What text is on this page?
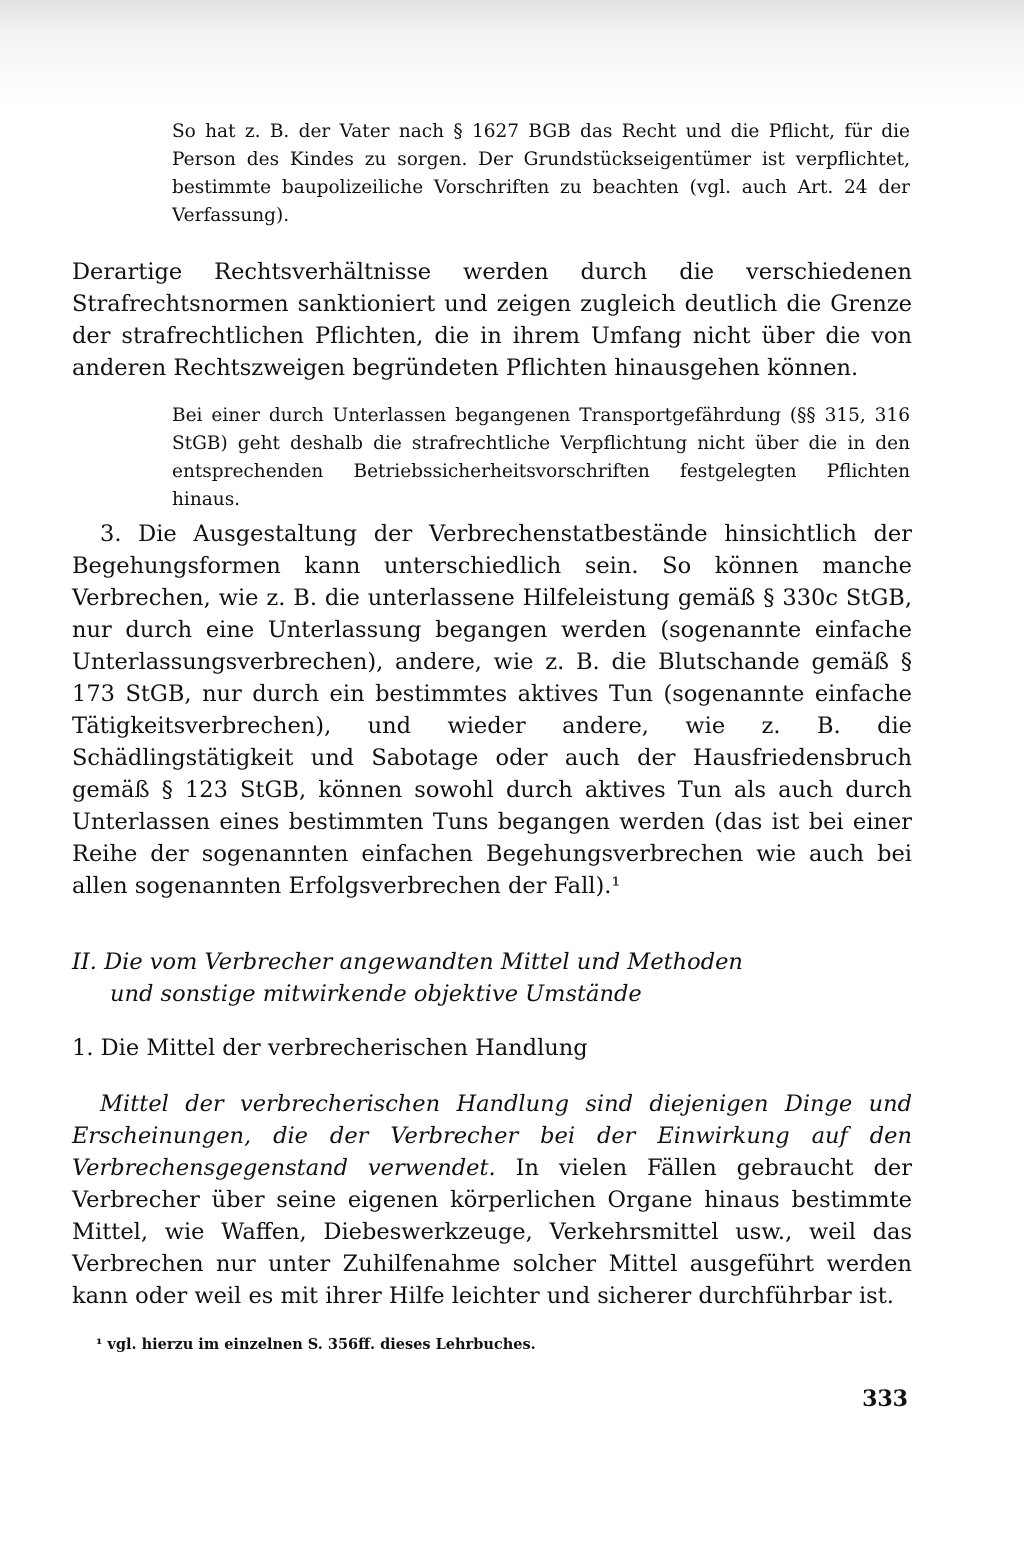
So hat z. B. der Vater nach § 1627 BGB das Recht und die Pflicht, für die Person des Kindes zu sorgen. Der Grundstückseigentümer ist verpflichtet, bestimmte baupolizeiliche Vorschriften zu beachten (vgl. auch Art. 24 der Verfassung).

Derartige Rechtsverhältnisse werden durch die verschiedenen Strafrechtsnormen sanktioniert und zeigen zugleich deutlich die Grenze der strafrechtlichen Pflichten, die in ihrem Umfang nicht über die von anderen Rechtszweigen begründeten Pflichten hinausgehen können.

Bei einer durch Unterlassen begangenen Transportgefährdung (§§ 315, 316 StGB) geht deshalb die strafrechtliche Verpflichtung nicht über die in den entsprechenden Betriebssicherheitsvorschriften festgelegten Pflichten hinaus.

3. Die Ausgestaltung der Verbrechenstatbestände hinsichtlich der Begehungsformen kann unterschiedlich sein. So können manche Verbrechen, wie z. B. die unterlassene Hilfeleistung gemäß § 330c StGB, nur durch eine Unterlassung begangen werden (sogenannte einfache Unterlassungsverbrechen), andere, wie z. B. die Blutschande gemäß § 173 StGB, nur durch ein bestimmtes aktives Tun (sogenannte einfache Tätigkeitsverbrechen), und wieder andere, wie z. B. die Schädlingstätigkeit und Sabotage oder auch der Hausfriedensbruch gemäß § 123 StGB, können sowohl durch aktives Tun als auch durch Unterlassen eines bestimmten Tuns begangen werden (das ist bei einer Reihe der sogenannten einfachen Begehungsverbrechen wie auch bei allen sogenannten Erfolgsverbrechen der Fall).¹

II. Die vom Verbrecher angewandten Mittel und Methoden
und sonstige mitwirkende objektive Umstände
1. Die Mittel der verbrecherischen Handlung

Mittel der verbrecherischen Handlung sind diejenigen Dinge und Erscheinungen, die der Verbrecher bei der Einwirkung auf den Verbrechensgegenstand verwendet. In vielen Fällen gebraucht der Verbrecher über seine eigenen körperlichen Organe hinaus bestimmte Mittel, wie Waffen, Diebeswerkzeuge, Verkehrsmittel usw., weil das Verbrechen nur unter Zuhilfenahme solcher Mittel ausgeführt werden kann oder weil es mit ihrer Hilfe leichter und sicherer durchführbar ist.

¹ vgl. hierzu im einzelnen S. 356ff. dieses Lehrbuches.
333
